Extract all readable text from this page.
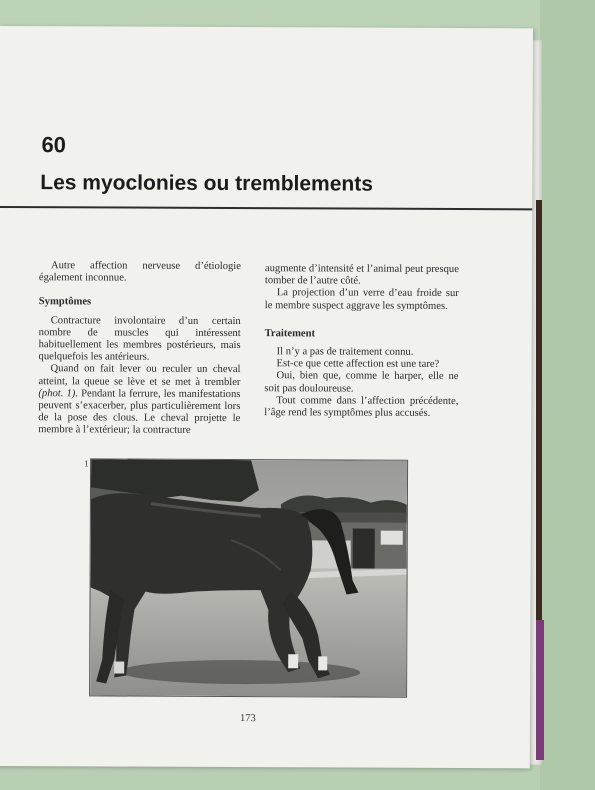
60
Les myoclonies ou tremblements

Autre affection nerveuse d’étiologie également inconnue.

Symptômes

Contracture involontaire d’un certain nombre de muscles qui intéressent habituellement les membres postérieurs, mais quelquefois les antérieurs.

Quand on fait lever ou reculer un cheval atteint, la queue se lève et se met à trembler (phot. 1). Pendant la ferrure, les manifestations peuvent s’exacerber, plus particulièrement lors de la pose des clous. Le cheval projette le membre à l’extérieur; la contracture

augmente d’intensité et l’animal peut presque tomber de l’autre côté.

La projection d’un verre d’eau froide sur le membre suspect aggrave les symptômes.

Traitement

Il n’y a pas de traitement connu.

Est-ce que cette affection est une tare?

Oui, bien que, comme le harper, elle ne soit pas douloureuse.

Tout comme dans l’affection précédente, l’âge rend les symptômes plus accusés.

1
173
